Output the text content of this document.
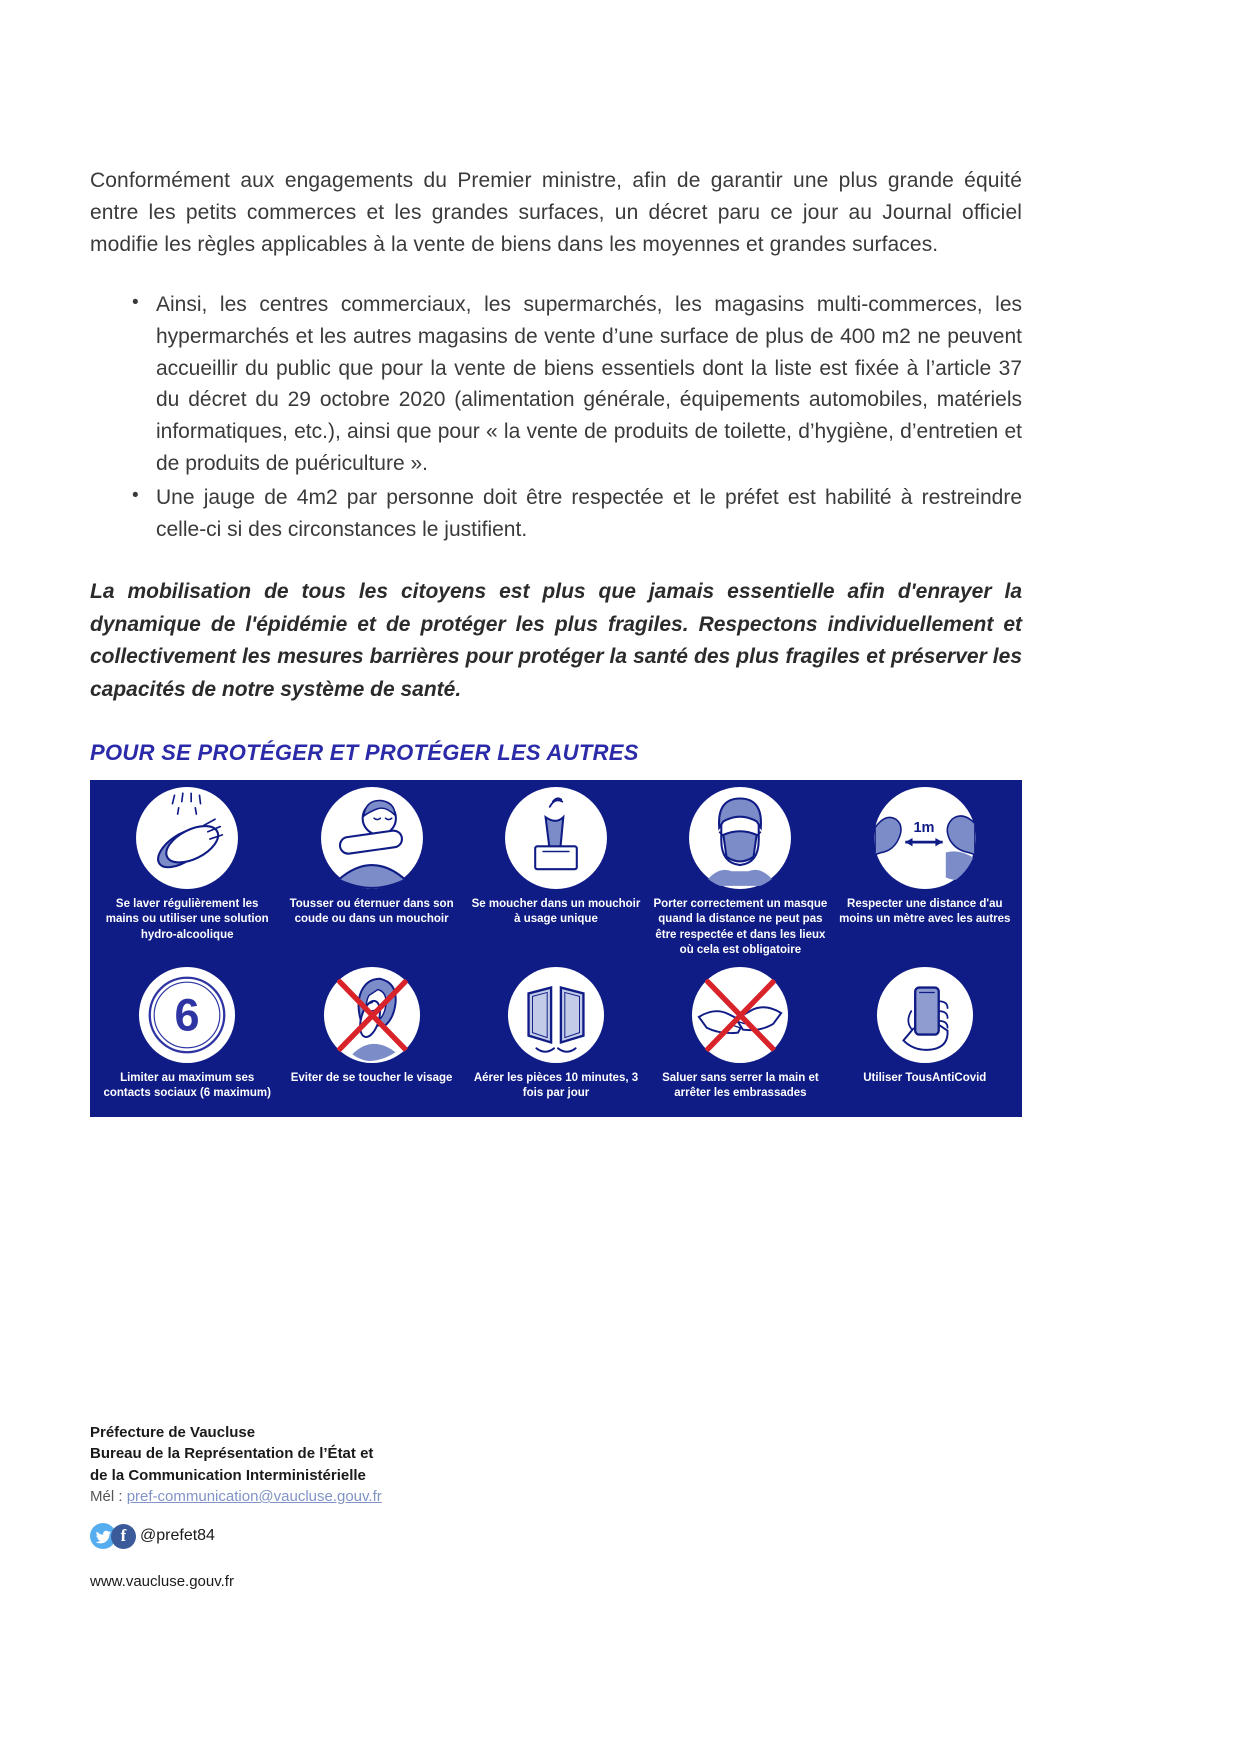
Conformément aux engagements du Premier ministre, afin de garantir une plus grande équité entre les petits commerces et les grandes surfaces, un décret paru ce jour au Journal officiel modifie les règles applicables à la vente de biens dans les moyennes et grandes surfaces.

• Ainsi, les centres commerciaux, les supermarchés, les magasins multi-commerces, les hypermarchés et les autres magasins de vente d’une surface de plus de 400 m2 ne peuvent accueillir du public que pour la vente de biens essentiels dont la liste est fixée à l’article 37 du décret du 29 octobre 2020 (alimentation générale, équipements automobiles, matériels informatiques, etc.), ainsi que pour « la vente de produits de toilette, d’hygiène, d’entretien et de produits de puériculture ».
• Une jauge de 4m2 par personne doit être respectée et le préfet est habilité à restreindre celle-ci si des circonstances le justifient.

La mobilisation de tous les citoyens est plus que jamais essentielle afin d'enrayer la dynamique de l'épidémie et de protéger les plus fragiles. Respectons individuellement et collectivement les mesures barrières pour protéger la santé des plus fragiles et préserver les capacités de notre système de santé.

POUR SE PROTÉGER ET PROTÉGER LES AUTRES
Se laver régulièrement les mains ou utiliser une solution hydro-alcoolique
Tousser ou éternuer dans son coude ou dans un mouchoir
Se moucher dans un mouchoir à usage unique
Porter correctement un masque quand la distance ne peut pas être respectée et dans les lieux où cela est obligatoire
1m
Respecter une distance d'au moins un mètre avec les autres
6
Limiter au maximum ses contacts sociaux (6 maximum)
Eviter de se toucher le visage	Aérer les pièces 10 minutes, 3 fois par jour
Saluer sans serrer la main et arrêter les embrassades
Utiliser TousAntiCovid
Préfecture de Vaucluse
Bureau de la Représentation de l’État et
de la Communication Interministérielle
Mél : pref-communication@vaucluse.gouv.fr
f @prefet84
www.vaucluse.gouv.fr
